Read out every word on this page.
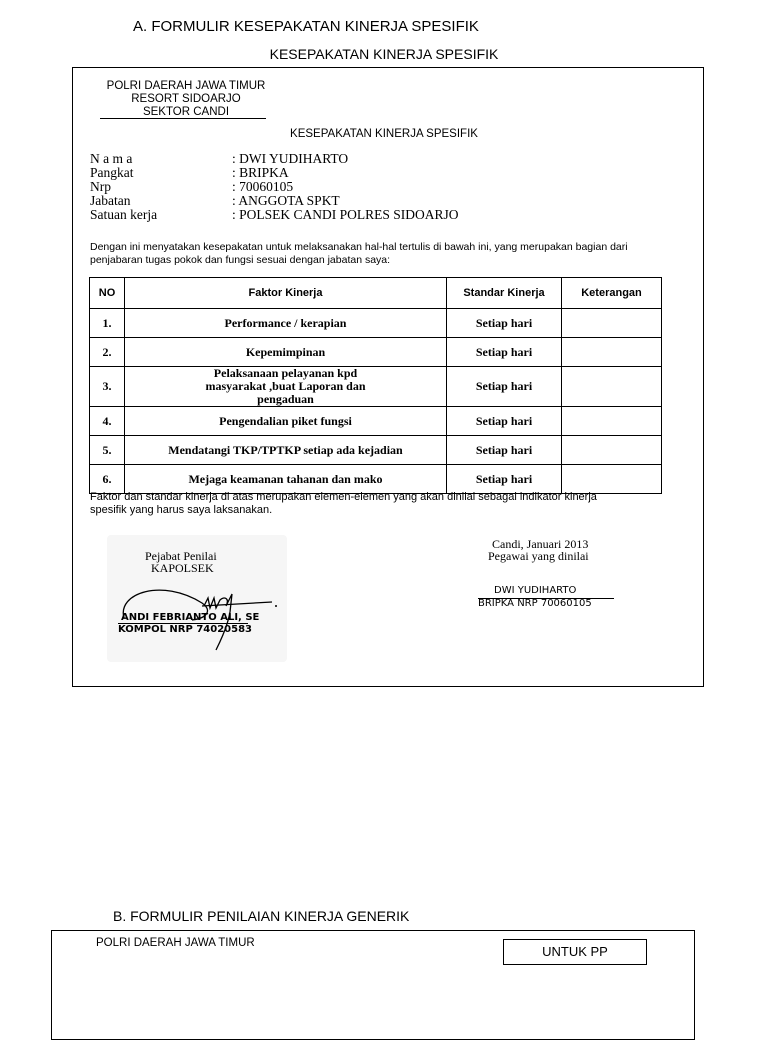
A. FORMULIR KESEPAKATAN KINERJA SPESIFIK
KESEPAKATAN KINERJA SPESIFIK
POLRI DAERAH JAWA TIMUR
RESORT SIDOARJO
SEKTOR CANDI
KESEPAKATAN KINERJA SPESIFIK
N a m a	: DWI YUDIHARTO
Pangkat	: BRIPKA
Nrp	: 70060105
Jabatan	: ANGGOTA SPKT
Satuan kerja	: POLSEK CANDI POLRES SIDOARJO
Dengan ini menyatakan kesepakatan untuk melaksanakan hal-hal tertulis di bawah ini, yang merupakan bagian dari penjabaran tugas pokok dan fungsi sesuai dengan jabatan saya:
NO	Faktor Kinerja	Standar Kinerja	Keterangan
1.	Performance / kerapian	Setiap hari	
2.	Kepemimpinan	Setiap hari	
3.	Pelaksanaan pelayanan kpd masyarakat ,buat Laporan dan pengaduan	Setiap hari	
4.	Pengendalian piket fungsi	Setiap hari	
5.	Mendatangi TKP/TPTKP setiap ada kejadian	Setiap hari	
6.	Mejaga keamanan tahanan dan mako	Setiap hari	
Faktor dan standar kinerja di atas merupakan elemen-elemen yang akan dinilai sebagai indikator kinerja spesifik yang harus saya laksanakan.
Pejabat Penilai
KAPOLSEK
ANDI FEBRIANTO ALI, SE
KOMPOL NRP 74020583
Candi, Januari 2013
Pegawai yang dinilai
DWI YUDIHARTO
BRIPKA NRP 70060105
B. FORMULIR PENILAIAN KINERJA GENERIK
POLRI DAERAH JAWA TIMUR
UNTUK PP
